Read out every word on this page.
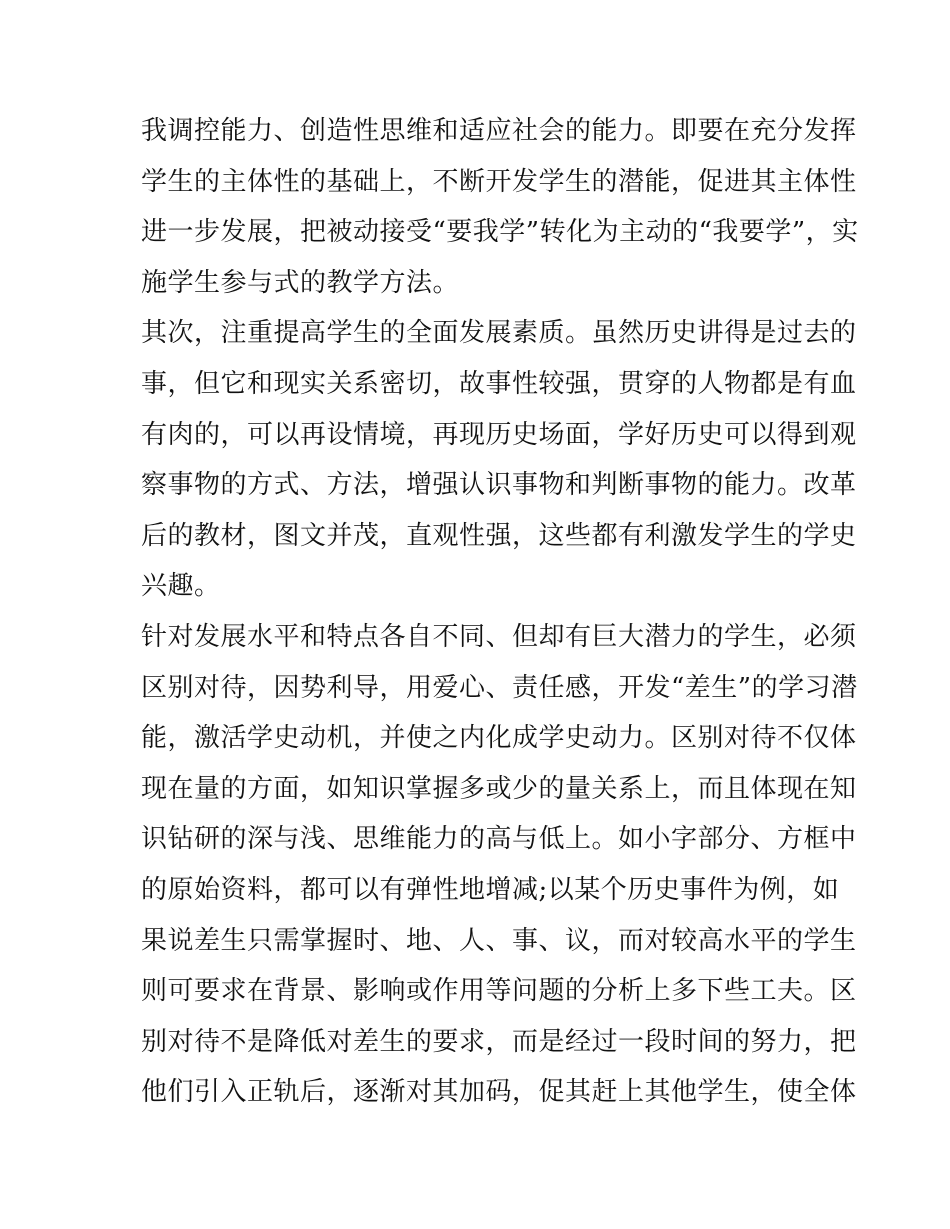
我调控能力、创造性思维和适应社会的能力。即要在充分发挥
学生的主体性的基础上，不断开发学生的潜能，促进其主体性
进一步发展，把被动接受“要我学”转化为主动的“我要学”，实
施学生参与式的教学方法。
其次，注重提高学生的全面发展素质。虽然历史讲得是过去的
事，但它和现实关系密切，故事性较强，贯穿的人物都是有血
有肉的，可以再设情境，再现历史场面，学好历史可以得到观
察事物的方式、方法，增强认识事物和判断事物的能力。改革
后的教材，图文并茂，直观性强，这些都有利激发学生的学史
兴趣。
针对发展水平和特点各自不同、但却有巨大潜力的学生，必须
区别对待，因势利导，用爱心、责任感，开发“差生”的学习潜
能，激活学史动机，并使之内化成学史动力。区别对待不仅体
现在量的方面，如知识掌握多或少的量关系上，而且体现在知
识钻研的深与浅、思维能力的高与低上。如小字部分、方框中
的原始资料，都可以有弹性地增减;以某个历史事件为例，如
果说差生只需掌握时、地、人、事、议，而对较高水平的学生
则可要求在背景、影响或作用等问题的分析上多下些工夫。区
别对待不是降低对差生的要求，而是经过一段时间的努力，把
他们引入正轨后，逐渐对其加码，促其赶上其他学生，使全体
